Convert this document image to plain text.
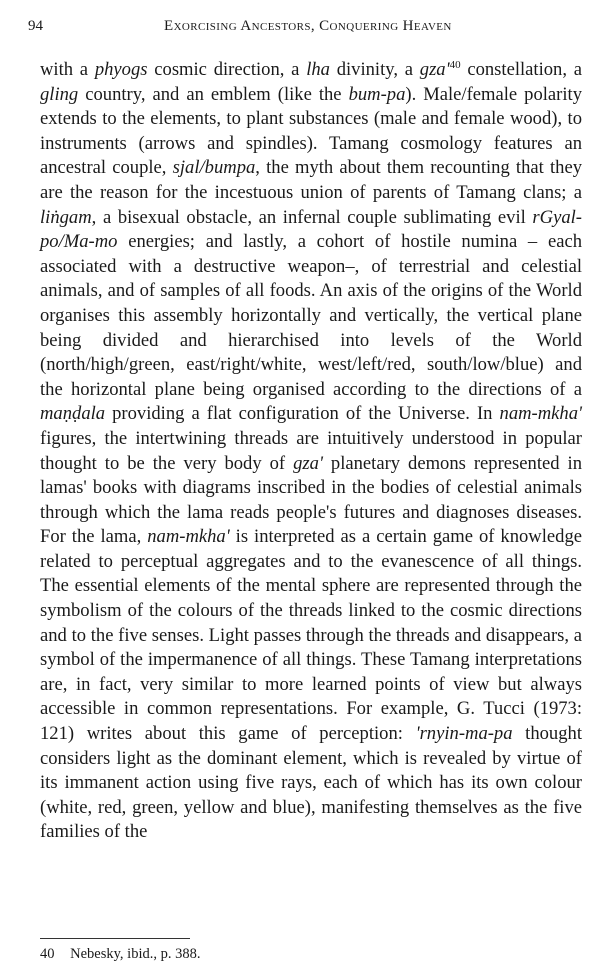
94	Exorcising Ancestors, Conquering Heaven

with a phyogs cosmic direction, a lha divinity, a $gza'^{40}$ constellation, a gling country, and an emblem (like the bum-pa). Male/female polarity extends to the elements, to plant substances (male and female wood), to instruments (arrows and spindles). Tamang cosmology features an ancestral couple, sjal/bumpa, the myth about them recounting that they are the reason for the incestuous union of parents of Tamang clans; a liṅgam, a bisexual obstacle, an infernal couple sublimating evil rGyal-po/Ma-mo energies; and lastly, a cohort of hostile numina – each associated with a destructive weapon–, of terrestrial and celestial animals, and of samples of all foods. An axis of the origins of the World organises this assembly horizontally and vertically, the vertical plane being divided and hierarchised into levels of the World (north/high/green, east/right/white, west/left/red, south/low/blue) and the horizontal plane being organised according to the directions of a maṇḍala providing a flat configuration of the Universe. In nam-mkha' figures, the intertwining threads are intuitively understood in popular thought to be the very body of gza' planetary demons represented in lamas' books with diagrams inscribed in the bodies of celestial animals through which the lama reads people's futures and diagnoses diseases. For the lama, nam-mkha' is interpreted as a certain game of knowledge related to perceptual aggregates and to the evanescence of all things. The essential elements of the mental sphere are represented through the symbolism of the colours of the threads linked to the cosmic directions and to the five senses. Light passes through the threads and disappears, a symbol of the impermanence of all things. These Tamang interpretations are, in fact, very similar to more learned points of view but always accessible in common representations. For example, G. Tucci (1973: 121) writes about this game of perception: 'rnyin-ma-pa thought considers light as the dominant element, which is revealed by virtue of its immanent action using five rays, each of which has its own colour (white, red, green, yellow and blue), manifesting themselves as the five families of the

40 Nebesky, ibid., p. 388.
